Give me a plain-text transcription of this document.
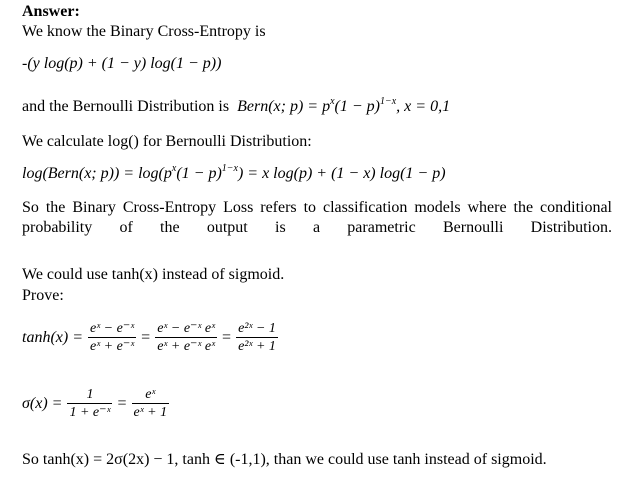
Answer:
We know the Binary Cross-Entropy is
-(y log(p) + (1 − y) log(1 − p))
and the Bernoulli Distribution is Bern(x; $p) = p^x(1 - p)^{1-x}$, x = 0,1
We calculate log() for Bernoulli Distribution:
log(Bern(x; $p)) = \log(p^x(1 - p)^{1-x}) = x$ log(p) + (1 − x) log(1 − p)
So the Binary Cross-Entropy Loss refers to classification models where the conditional probability of the output is a parametric Bernoulli Distribution.
We could use tanh(x) instead of sigmoid.
Prove:
$\tanh(x) = \frac{\text{eˣ − e⁻ˣ}}{\text{eˣ + e⁻ˣ}} = \frac{\text{eˣ − e⁻ˣ eˣ}}{\text{eˣ + e⁻ˣ eˣ}} = \frac{\text{e²ˣ − 1}}{\text{e²ˣ + 1}}$
$\sigma(x) = \frac{1}{\text{1 + e⁻ˣ}} = \frac{\text{eˣ}}{\text{eˣ + 1}}$
So tanh(x) = 2σ(2x) − 1, tanh ∈ (-1,1), than we could use tanh instead of sigmoid.
